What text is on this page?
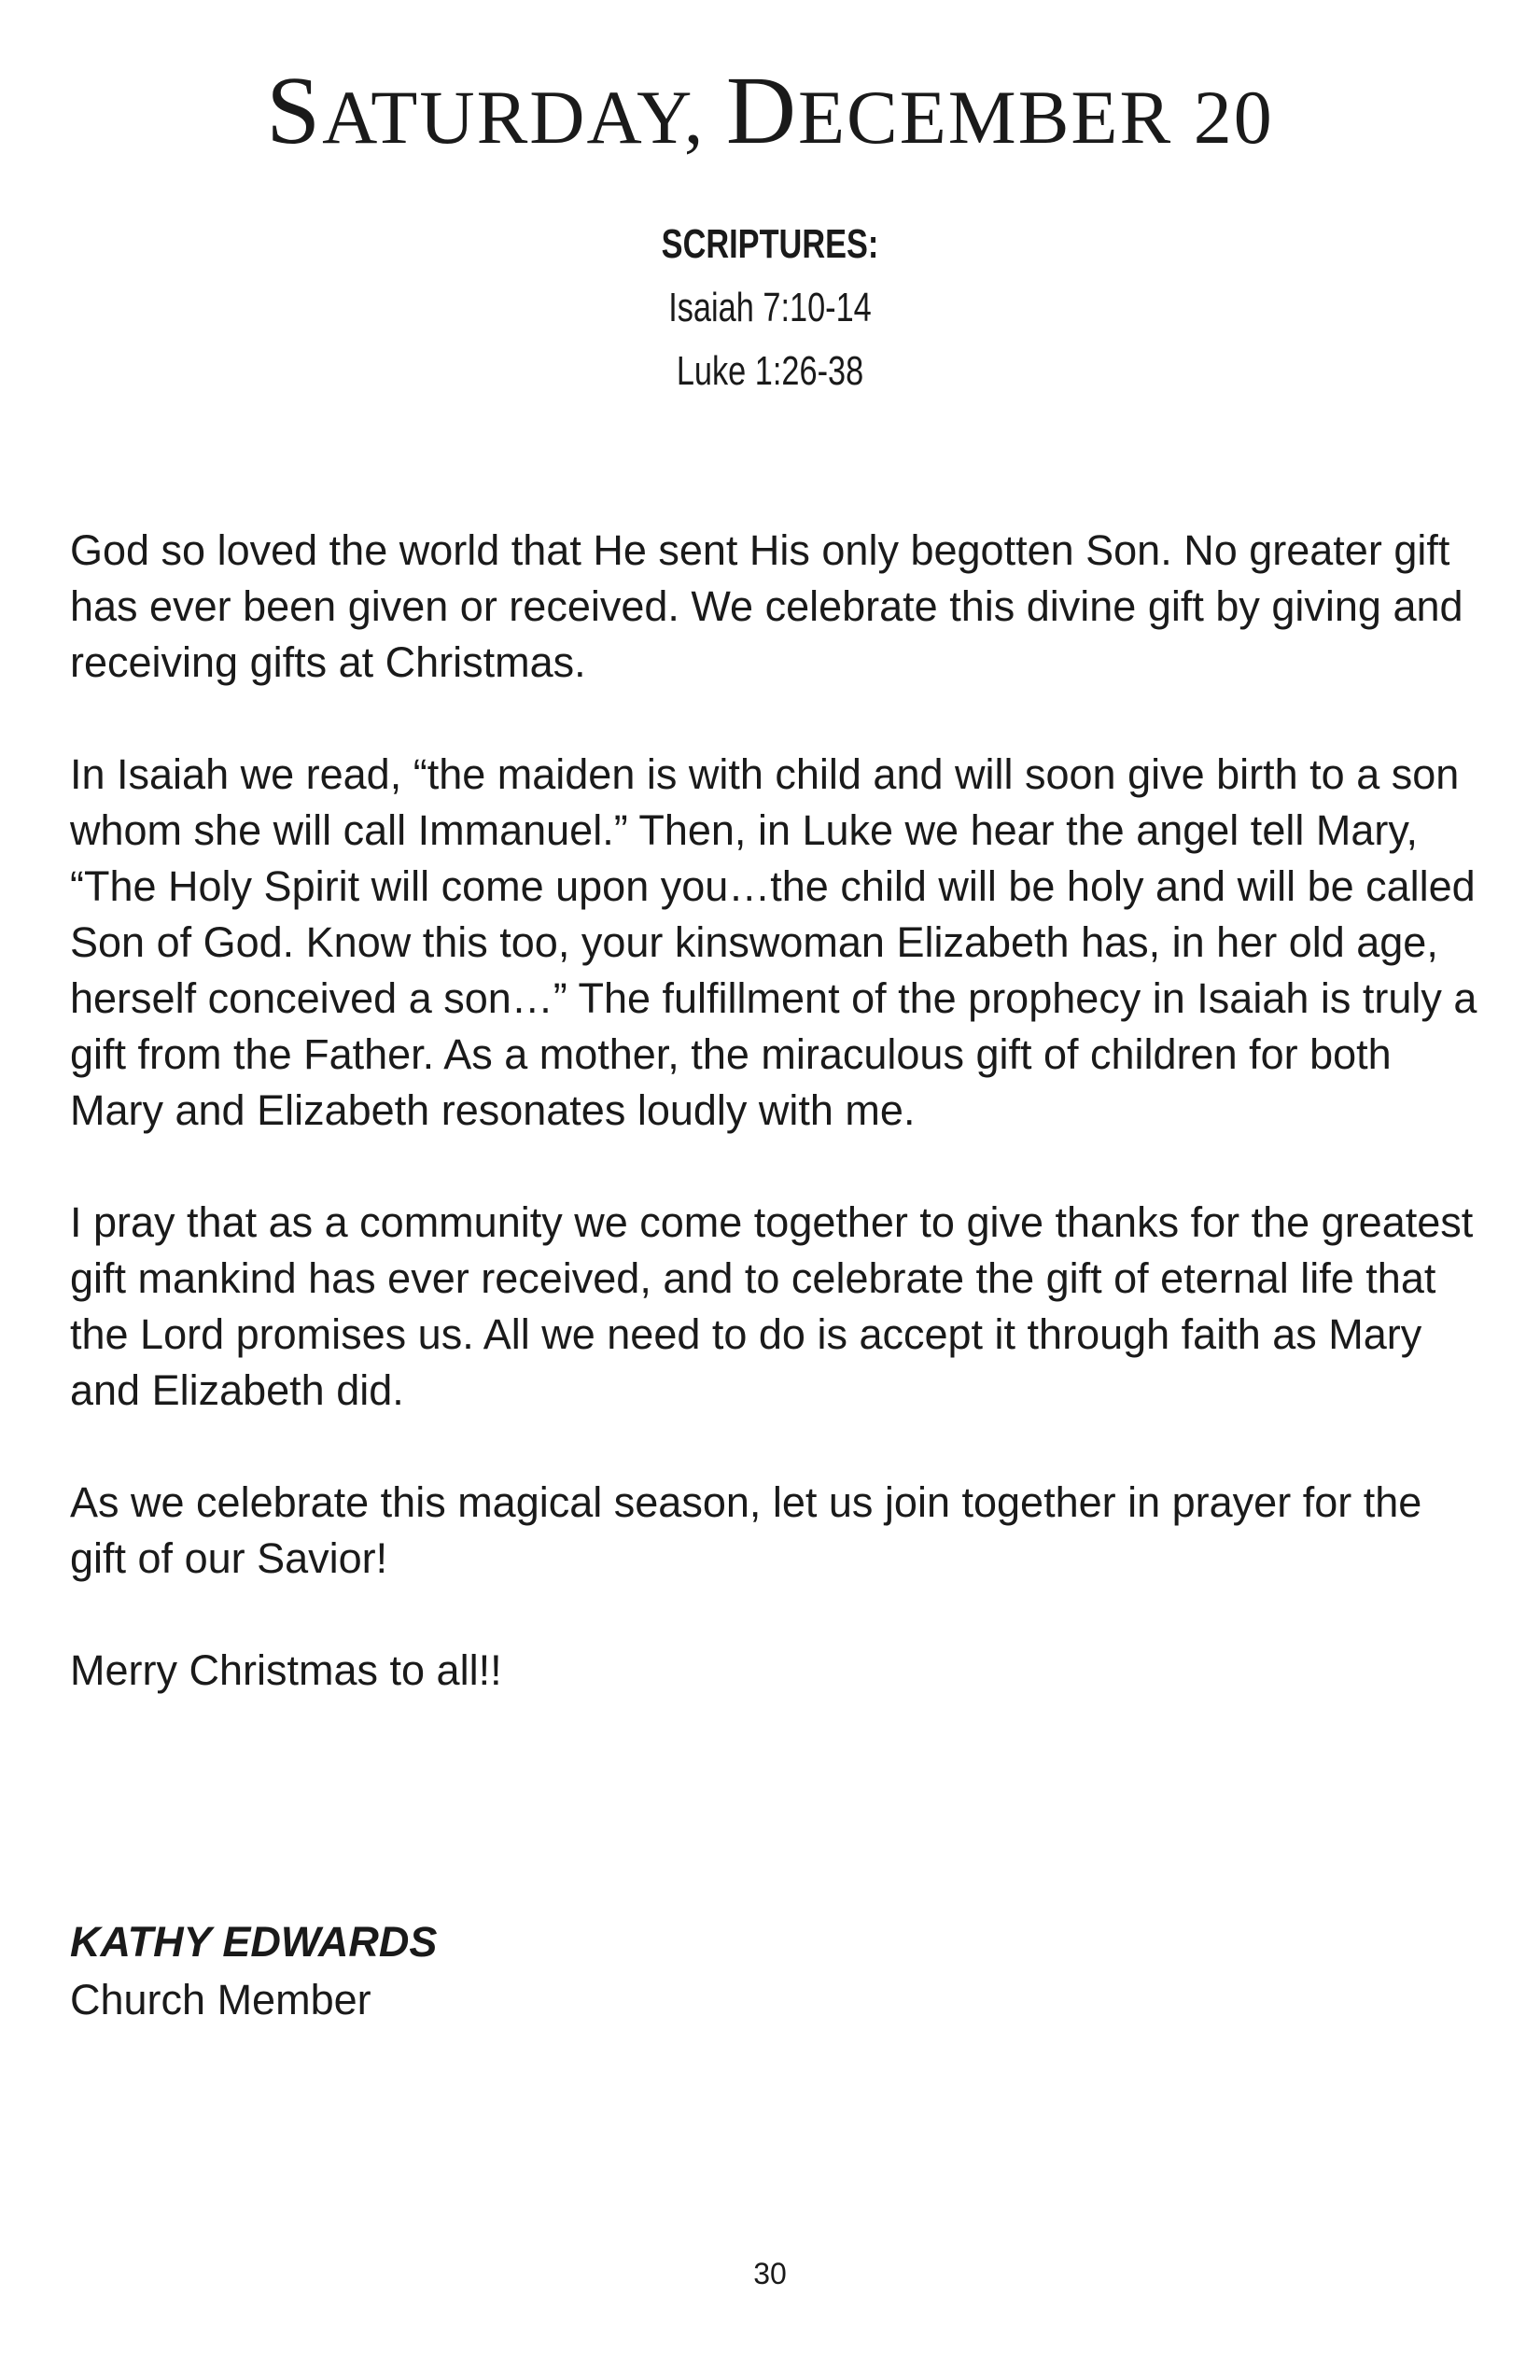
SATURDAY, DECEMBER 20
SCRIPTURES:
Isaiah 7:10-14
Luke 1:26-38

God so loved the world that He sent His only begotten Son. No greater gift has ever been given or received. We celebrate this divine gift by giving and receiving gifts at Christmas.

In Isaiah we read, “the maiden is with child and will soon give birth to a son whom she will call Immanuel.” Then, in Luke we hear the angel tell Mary, “The Holy Spirit will come upon you…the child will be holy and will be called Son of God. Know this too, your kinswoman Elizabeth has, in her old age, herself conceived a son…” The fulfillment of the prophecy in Isaiah is truly a gift from the Father. As a mother, the miraculous gift of children for both Mary and Elizabeth resonates loudly with me.

I pray that as a community we come together to give thanks for the greatest gift mankind has ever received, and to celebrate the gift of eternal life that the Lord promises us. All we need to do is accept it through faith as Mary and Elizabeth did.

As we celebrate this magical season, let us join together in prayer for the gift of our Savior!

Merry Christmas to all!!

KATHY EDWARDS
Church Member
30
